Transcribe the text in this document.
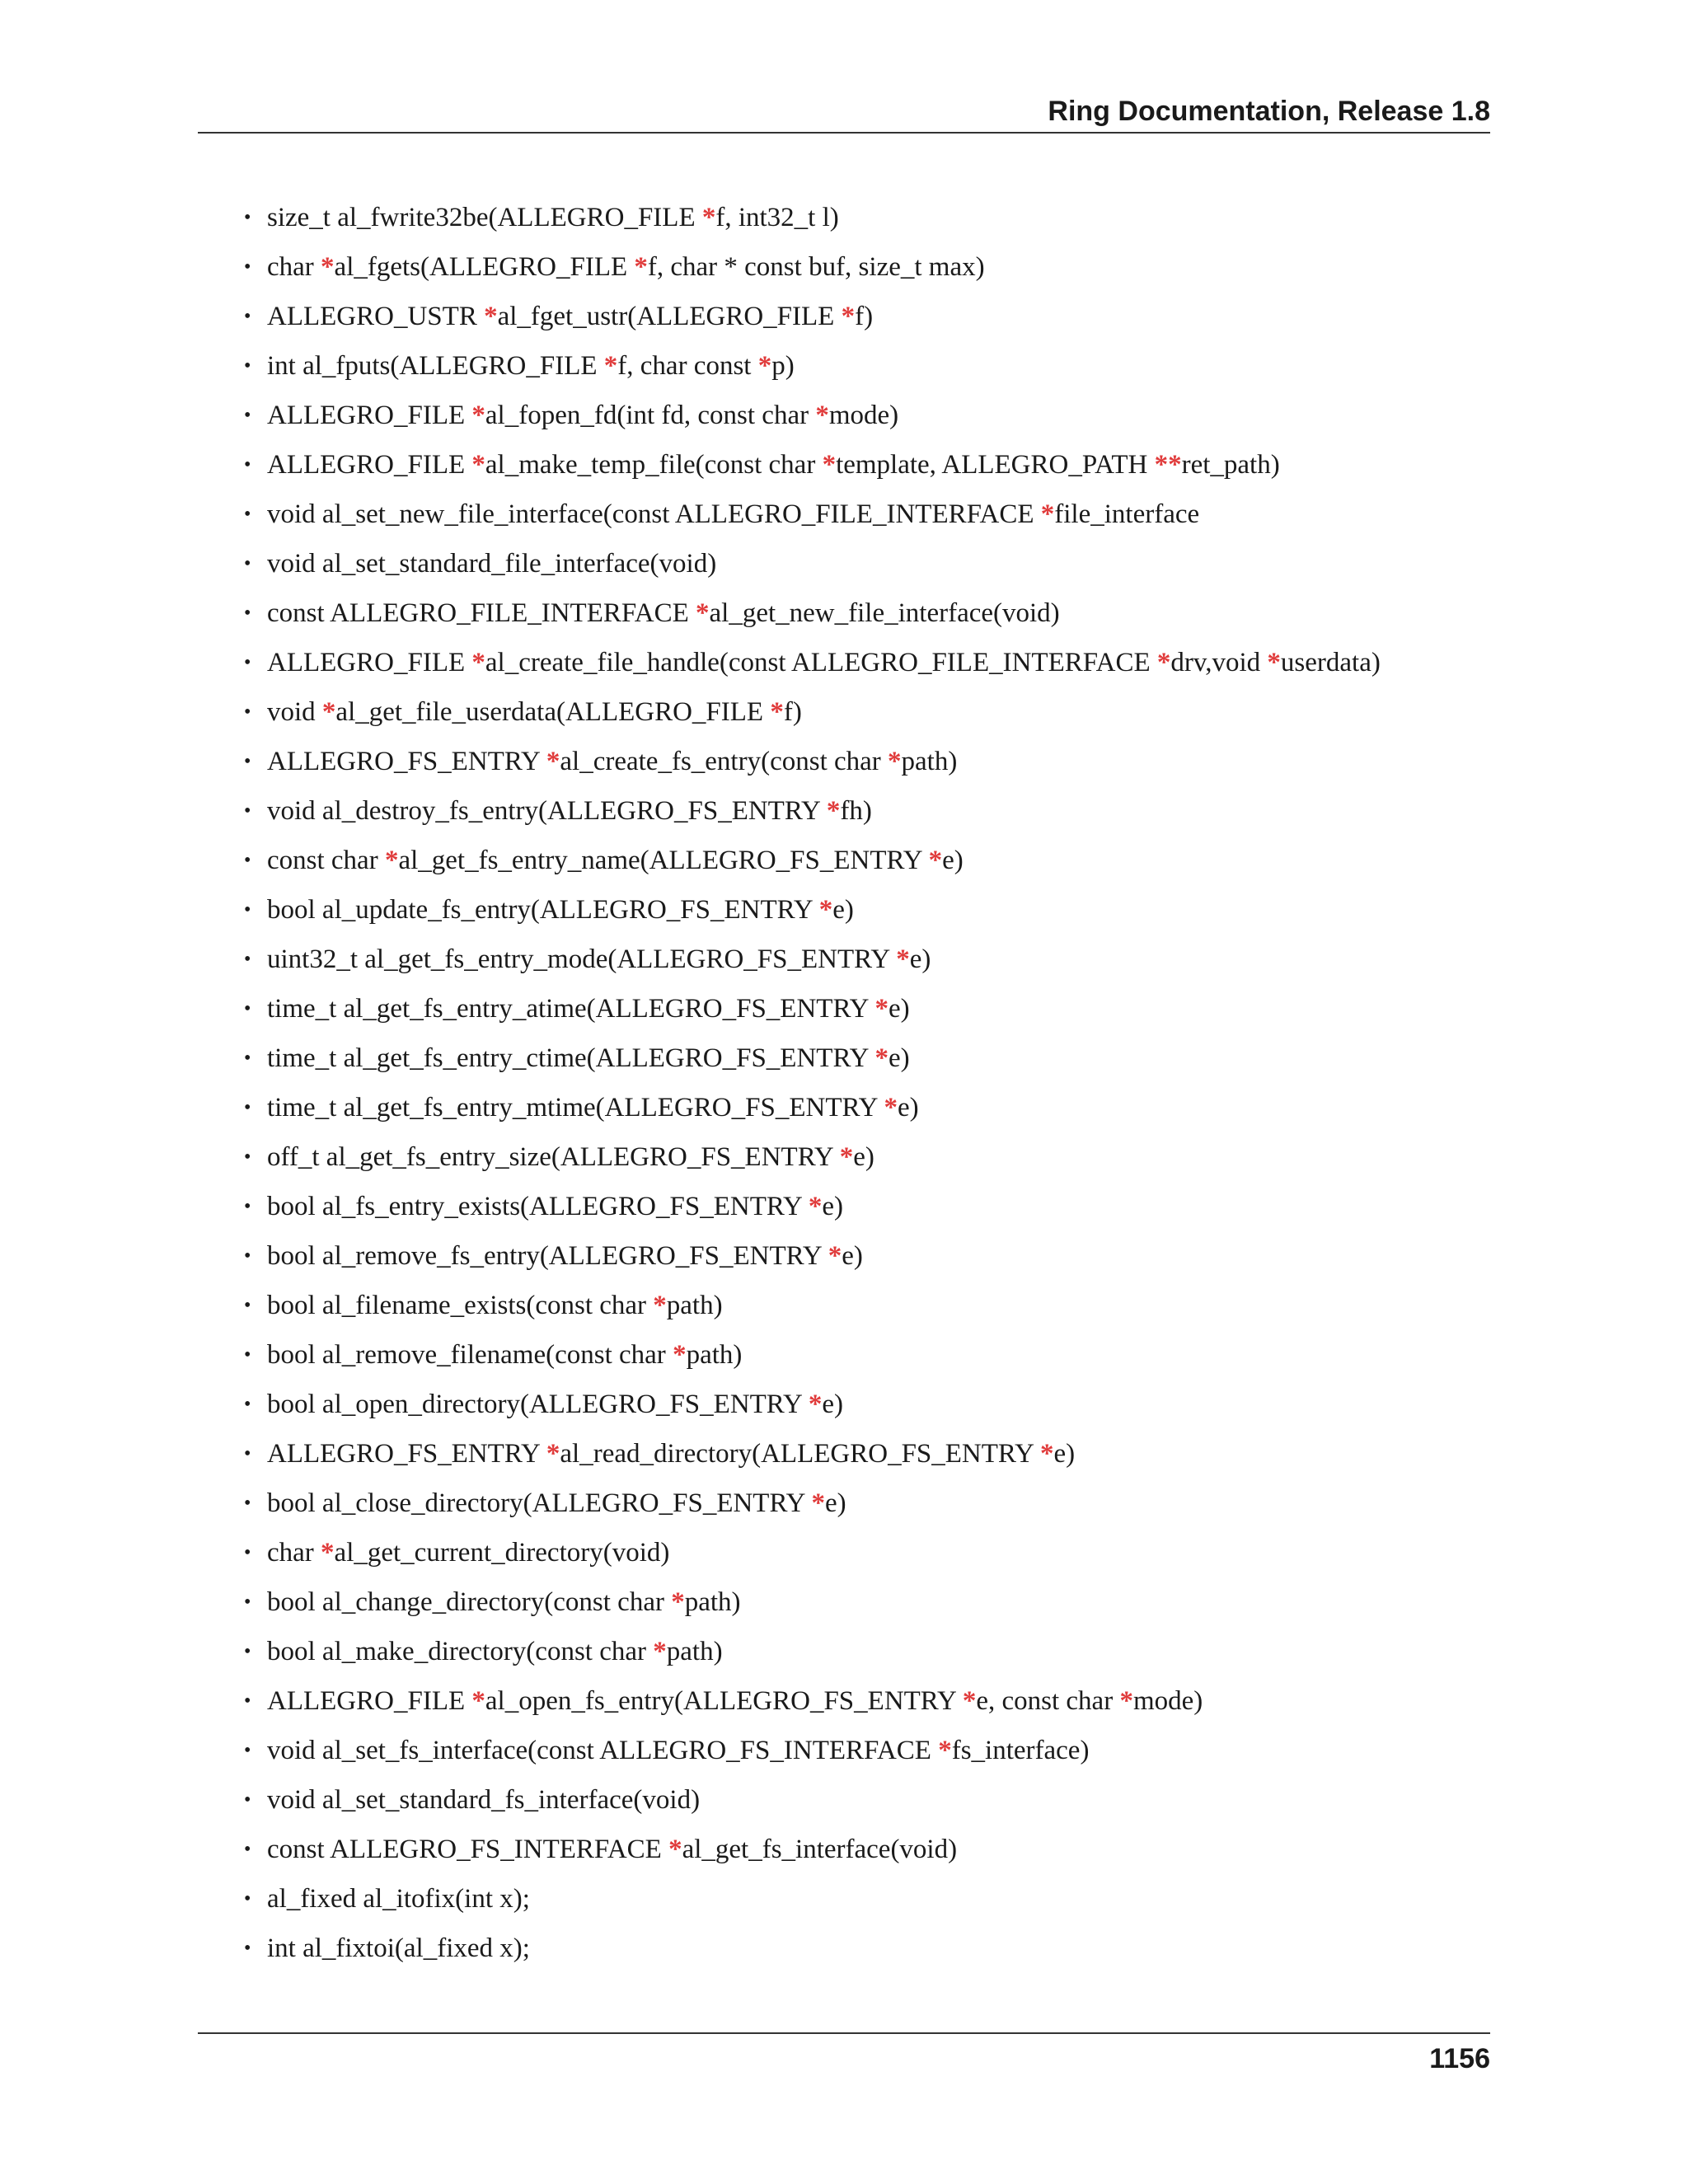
Ring Documentation, Release 1.8
• size_t al_fwrite32be(ALLEGRO_FILE *f, int32_t l)
• char *al_fgets(ALLEGRO_FILE *f, char * const buf, size_t max)
• ALLEGRO_USTR *al_fget_ustr(ALLEGRO_FILE *f)
• int al_fputs(ALLEGRO_FILE *f, char const *p)
• ALLEGRO_FILE *al_fopen_fd(int fd, const char *mode)
• ALLEGRO_FILE *al_make_temp_file(const char *template, ALLEGRO_PATH **ret_path)
• void al_set_new_file_interface(const ALLEGRO_FILE_INTERFACE *file_interface
• void al_set_standard_file_interface(void)
• const ALLEGRO_FILE_INTERFACE *al_get_new_file_interface(void)
• ALLEGRO_FILE *al_create_file_handle(const ALLEGRO_FILE_INTERFACE *drv,void *userdata)
• void *al_get_file_userdata(ALLEGRO_FILE *f)
• ALLEGRO_FS_ENTRY *al_create_fs_entry(const char *path)
• void al_destroy_fs_entry(ALLEGRO_FS_ENTRY *fh)
• const char *al_get_fs_entry_name(ALLEGRO_FS_ENTRY *e)
• bool al_update_fs_entry(ALLEGRO_FS_ENTRY *e)
• uint32_t al_get_fs_entry_mode(ALLEGRO_FS_ENTRY *e)
• time_t al_get_fs_entry_atime(ALLEGRO_FS_ENTRY *e)
• time_t al_get_fs_entry_ctime(ALLEGRO_FS_ENTRY *e)
• time_t al_get_fs_entry_mtime(ALLEGRO_FS_ENTRY *e)
• off_t al_get_fs_entry_size(ALLEGRO_FS_ENTRY *e)
• bool al_fs_entry_exists(ALLEGRO_FS_ENTRY *e)
• bool al_remove_fs_entry(ALLEGRO_FS_ENTRY *e)
• bool al_filename_exists(const char *path)
• bool al_remove_filename(const char *path)
• bool al_open_directory(ALLEGRO_FS_ENTRY *e)
• ALLEGRO_FS_ENTRY *al_read_directory(ALLEGRO_FS_ENTRY *e)
• bool al_close_directory(ALLEGRO_FS_ENTRY *e)
• char *al_get_current_directory(void)
• bool al_change_directory(const char *path)
• bool al_make_directory(const char *path)
• ALLEGRO_FILE *al_open_fs_entry(ALLEGRO_FS_ENTRY *e, const char *mode)
• void al_set_fs_interface(const ALLEGRO_FS_INTERFACE *fs_interface)
• void al_set_standard_fs_interface(void)
• const ALLEGRO_FS_INTERFACE *al_get_fs_interface(void)
• al_fixed al_itofix(int x);
• int al_fixtoi(al_fixed x);
1156
